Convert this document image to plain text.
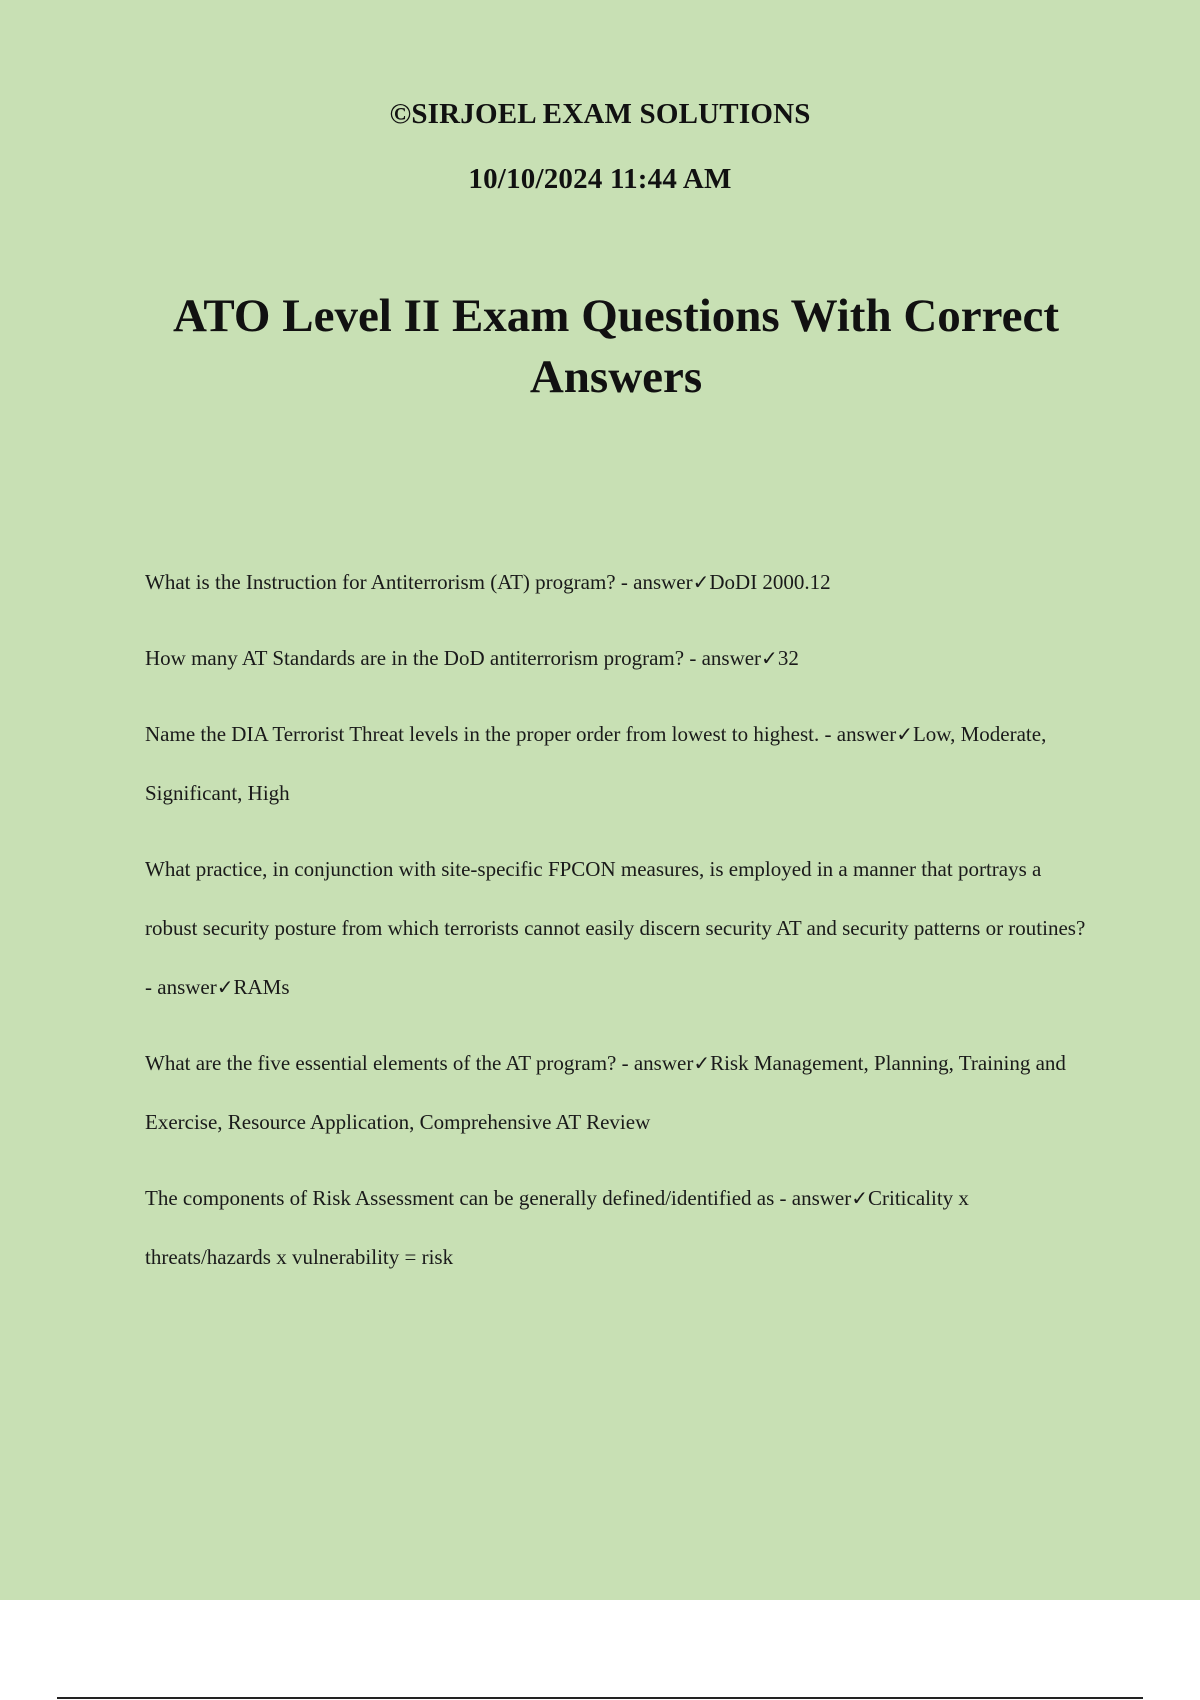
©SIRJOEL EXAM SOLUTIONS
10/10/2024 11:44 AM
ATO Level II Exam Questions With Correct Answers
What is the Instruction for Antiterrorism (AT) program? - answer✓DoDI 2000.12
How many AT Standards are in the DoD antiterrorism program? - answer✓32
Name the DIA Terrorist Threat levels in the proper order from lowest to highest. - answer✓Low, Moderate, Significant, High
What practice, in conjunction with site-specific FPCON measures, is employed in a manner that portrays a robust security posture from which terrorists cannot easily discern security AT and security patterns or routines? - answer✓RAMs
What are the five essential elements of the AT program? - answer✓Risk Management, Planning, Training and Exercise, Resource Application, Comprehensive AT Review
The components of Risk Assessment can be generally defined/identified as - answer✓Criticality x threats/hazards x vulnerability = risk
